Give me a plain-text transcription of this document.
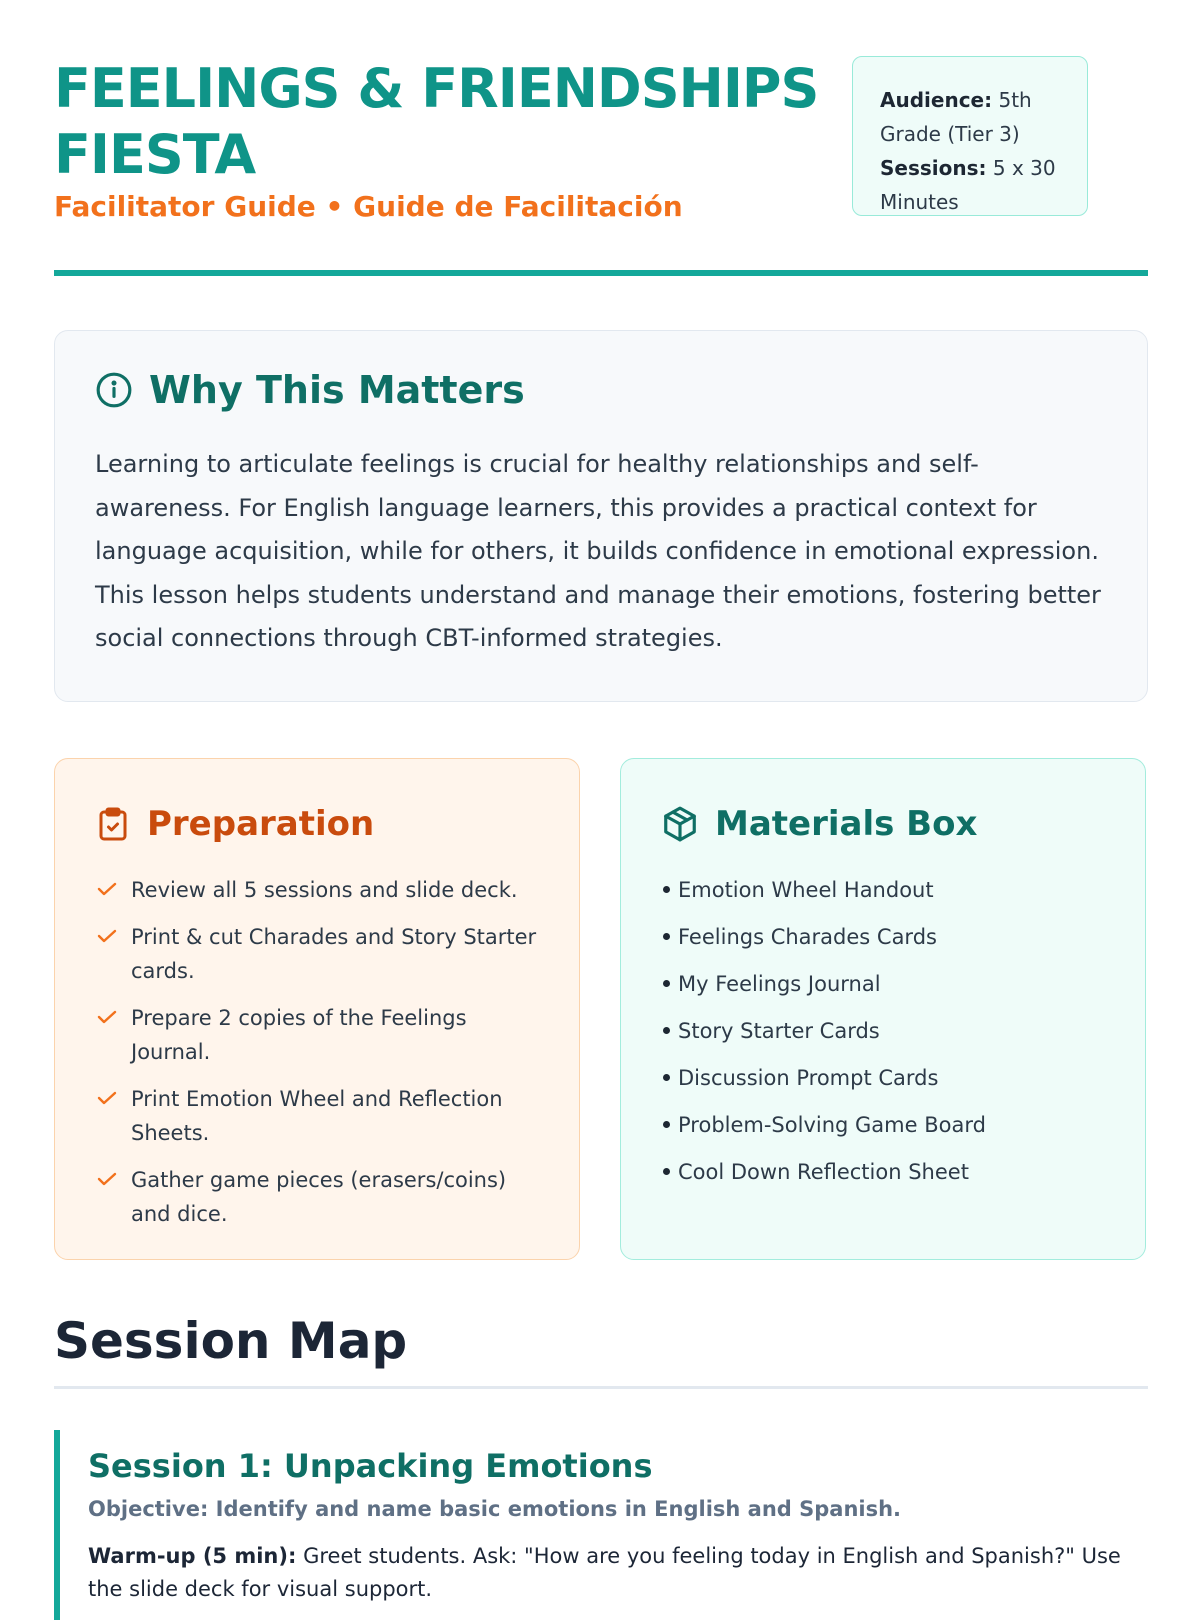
FEELINGS & FRIENDSHIPS FIESTA
Facilitator Guide • Guide de Facilitación
Audience: 5th Grade (Tier 3)
Sessions: 5 x 30 Minutes
Why This Matters

Learning to articulate feelings is crucial for healthy relationships and self-awareness. For English language learners, this provides a practical context for language acquisition, while for others, it builds confidence in emotional expression. This lesson helps students understand and manage their emotions, fostering better social connections through CBT-informed strategies.

Preparation
Review all 5 sessions and slide deck.
Print & cut Charades and Story Starter cards.
Prepare 2 copies of the Feelings Journal.
Print Emotion Wheel and Reflection Sheets.
Gather game pieces (erasers/coins) and dice.
Materials Box
Emotion Wheel Handout
Feelings Charades Cards
My Feelings Journal
Story Starter Cards
Discussion Prompt Cards
Problem-Solving Game Board
Cool Down Reflection Sheet
Session Map
Session 1: Unpacking Emotions
Objective: Identify and name basic emotions in English and Spanish.

Warm-up (5 min): Greet students. Ask: "How are you feeling today in English and Spanish?" Use the slide deck for visual support.
